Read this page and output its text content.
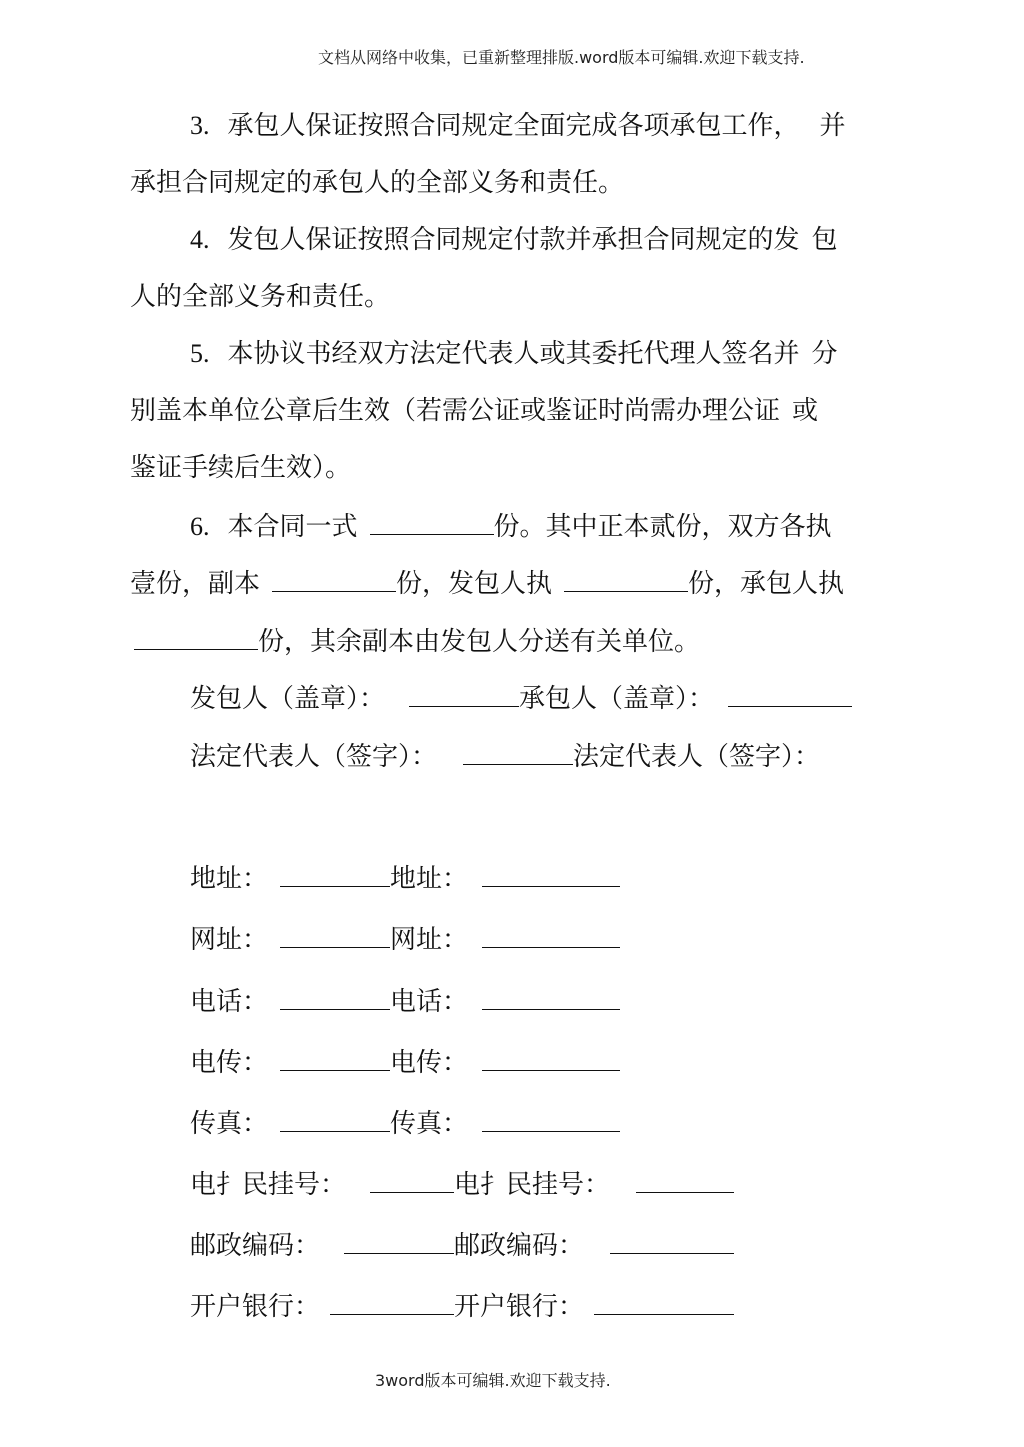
文档从网络中收集，已重新整理排版.word版本可编辑.欢迎下载支持.
3. 承包人保证按照合同规定全面完成各项承包工作， 并
承担合同规定的承包人的全部义务和责任。
4. 发包人保证按照合同规定付款并承担合同规定的发 包
人的全部义务和责任。
5. 本协议书经双方法定代表人或其委托代理人签名并 分
别盖本单位公章后生效（若需公证或鉴证时尚需办理公证 或
鉴证手续后生效）。
6. 本合同一式	份。其中正本贰份，双方各执
壹份，副本	份，发包人执	份，承包人执
份，其余副本由发包人分送有关单位。
发包人（盖章）：	承包人（盖章）：
法定代表人（签字）：	法定代表人（签字）：
地址：	地址：
网址：	网址：
电话：	电话：
电传：	电传：
传真：	传真：
电扌民挂号：	电扌民挂号：
邮政编码：	邮政编码：
开户银行：	开户银行：
3word版本可编辑.欢迎下载支持.
